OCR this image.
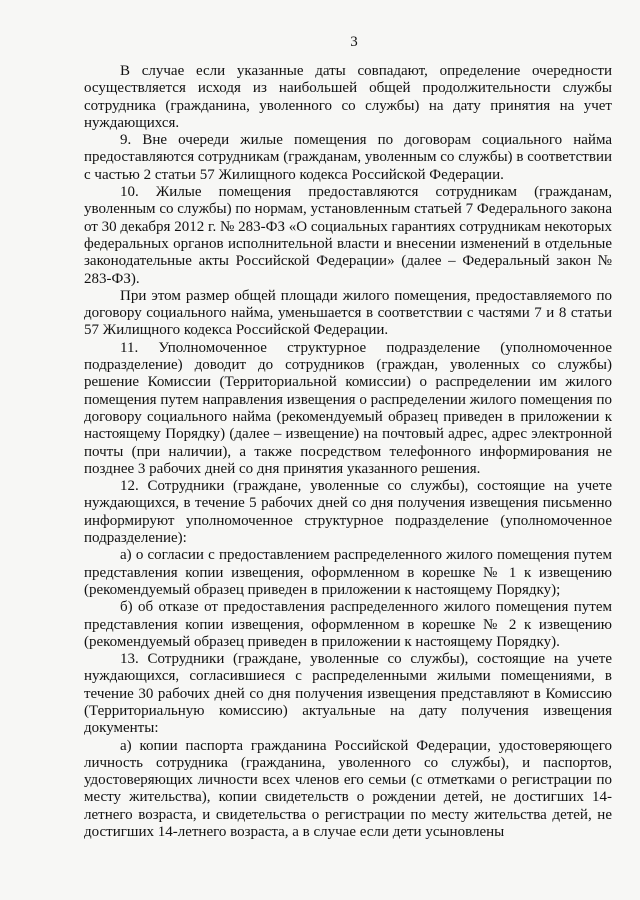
3

В случае если указанные даты совпадают, определение очередности осуществляется исходя из наибольшей общей продолжительности службы сотрудника (гражданина, уволенного со службы) на дату принятия на учет нуждающихся.

9. Вне очереди жилые помещения по договорам социального найма предоставляются сотрудникам (гражданам, уволенным со службы) в соответствии с частью 2 статьи 57 Жилищного кодекса Российской Федерации.

10. Жилые помещения предоставляются сотрудникам (гражданам, уволенным со службы) по нормам, установленным статьей 7 Федерального закона от 30 декабря 2012 г. № 283-ФЗ «О социальных гарантиях сотрудникам некоторых федеральных органов исполнительной власти и внесении изменений в отдельные законодательные акты Российской Федерации» (далее – Федеральный закон № 283-ФЗ).

При этом размер общей площади жилого помещения, предоставляемого по договору социального найма, уменьшается в соответствии с частями 7 и 8 статьи 57 Жилищного кодекса Российской Федерации.

11. Уполномоченное структурное подразделение (уполномоченное подразделение) доводит до сотрудников (граждан, уволенных со службы) решение Комиссии (Территориальной комиссии) о распределении им жилого помещения путем направления извещения о распределении жилого помещения по договору социального найма (рекомендуемый образец приведен в приложении к настоящему Порядку) (далее – извещение) на почтовый адрес, адрес электронной почты (при наличии), а также посредством телефонного информирования не позднее 3 рабочих дней со дня принятия указанного решения.

12. Сотрудники (граждане, уволенные со службы), состоящие на учете нуждающихся, в течение 5 рабочих дней со дня получения извещения письменно информируют уполномоченное структурное подразделение (уполномоченное подразделение):

а) о согласии с предоставлением распределенного жилого помещения путем представления копии извещения, оформленном в корешке № 1 к извещению (рекомендуемый образец приведен в приложении к настоящему Порядку);

б) об отказе от предоставления распределенного жилого помещения путем представления копии извещения, оформленном в корешке № 2 к извещению (рекомендуемый образец приведен в приложении к настоящему Порядку).

13. Сотрудники (граждане, уволенные со службы), состоящие на учете нуждающихся, согласившиеся с распределенными жилыми помещениями, в течение 30 рабочих дней со дня получения извещения представляют в Комиссию (Территориальную комиссию) актуальные на дату получения извещения документы:

а) копии паспорта гражданина Российской Федерации, удостоверяющего личность сотрудника (гражданина, уволенного со службы), и паспортов, удостоверяющих личности всех членов его семьи (с отметками о регистрации по месту жительства), копии свидетельств о рождении детей, не достигших 14-летнего возраста, и свидетельства о регистрации по месту жительства детей, не достигших 14-летнего возраста, а в случае если дети усыновлены
